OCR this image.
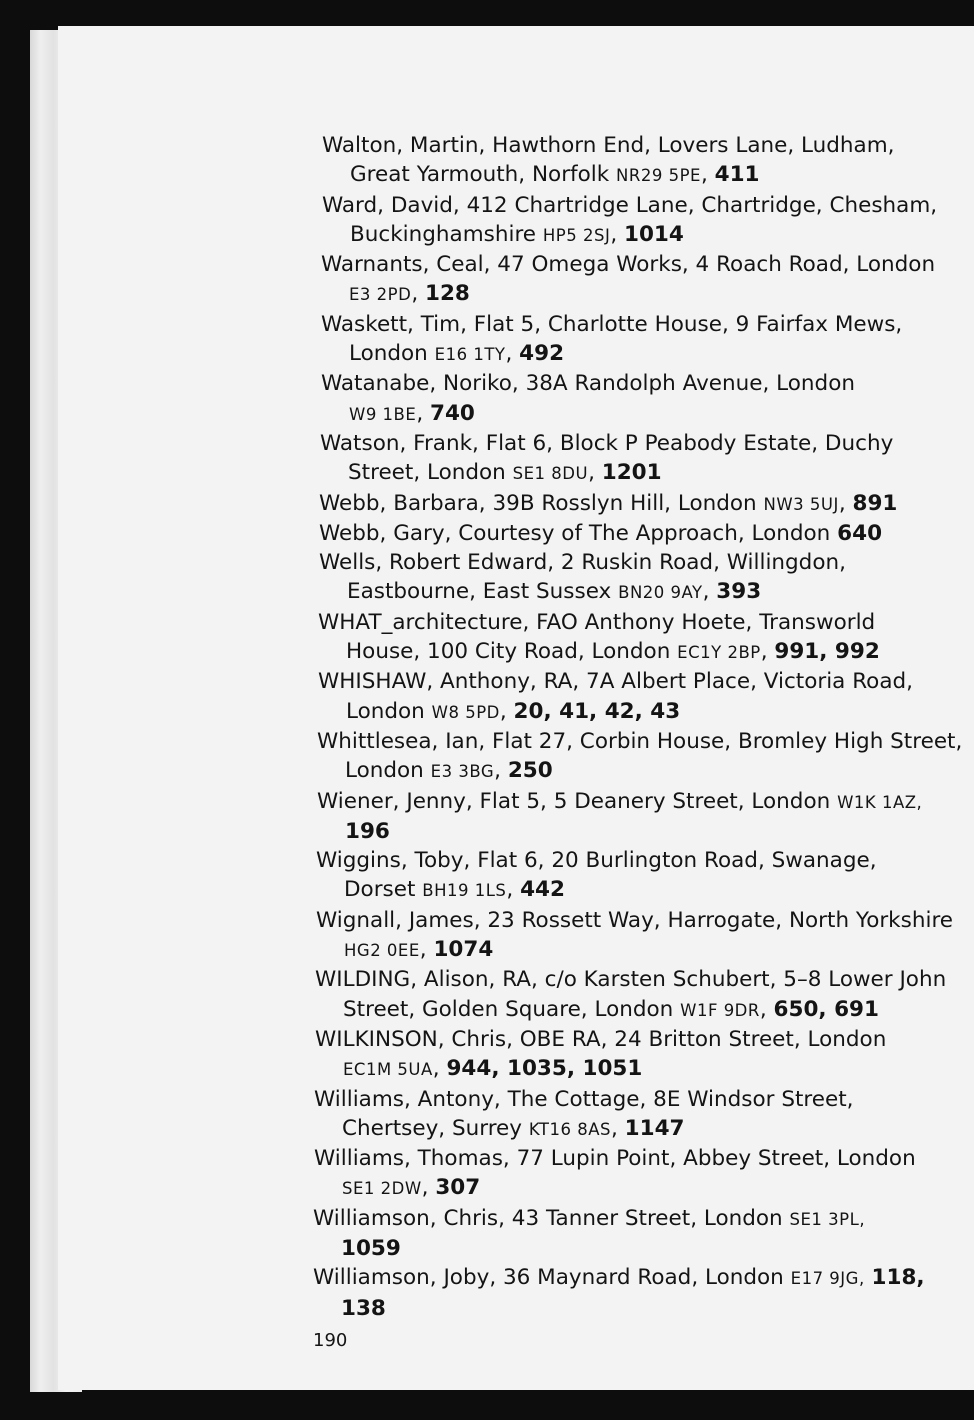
Walton, Martin, Hawthorn End, Lovers Lane, Ludham,
Great Yarmouth, Norfolk NR29 5PE, 411
Ward, David, 412 Chartridge Lane, Chartridge, Chesham,
Buckinghamshire HP5 2SJ, 1014
Warnants, Ceal, 47 Omega Works, 4 Roach Road, London
E3 2PD, 128
Waskett, Tim, Flat 5, Charlotte House, 9 Fairfax Mews,
London E16 1TY, 492
Watanabe, Noriko, 38A Randolph Avenue, London
W9 1BE, 740
Watson, Frank, Flat 6, Block P Peabody Estate, Duchy
Street, London SE1 8DU, 1201
Webb, Barbara, 39B Rosslyn Hill, London NW3 5UJ, 891
Webb, Gary, Courtesy of The Approach, London 640
Wells, Robert Edward, 2 Ruskin Road, Willingdon,
Eastbourne, East Sussex BN20 9AY, 393
WHAT_architecture, FAO Anthony Hoete, Transworld
House, 100 City Road, London EC1Y 2BP, 991, 992
WHISHAW, Anthony, RA, 7A Albert Place, Victoria Road,
London W8 5PD, 20, 41, 42, 43
Whittlesea, Ian, Flat 27, Corbin House, Bromley High Street,
London E3 3BG, 250
Wiener, Jenny, Flat 5, 5 Deanery Street, London W1K 1AZ,
196
Wiggins, Toby, Flat 6, 20 Burlington Road, Swanage,
Dorset BH19 1LS, 442
Wignall, James, 23 Rossett Way, Harrogate, North Yorkshire
HG2 0EE, 1074
WILDING, Alison, RA, c/o Karsten Schubert, 5–8 Lower John
Street, Golden Square, London W1F 9DR, 650, 691
WILKINSON, Chris, OBE RA, 24 Britton Street, London
EC1M 5UA, 944, 1035, 1051
Williams, Antony, The Cottage, 8E Windsor Street,
Chertsey, Surrey KT16 8AS, 1147
Williams, Thomas, 77 Lupin Point, Abbey Street, London
SE1 2DW, 307
Williamson, Chris, 43 Tanner Street, London SE1 3PL,
1059
Williamson, Joby, 36 Maynard Road, London E17 9JG, 118,
138
190
